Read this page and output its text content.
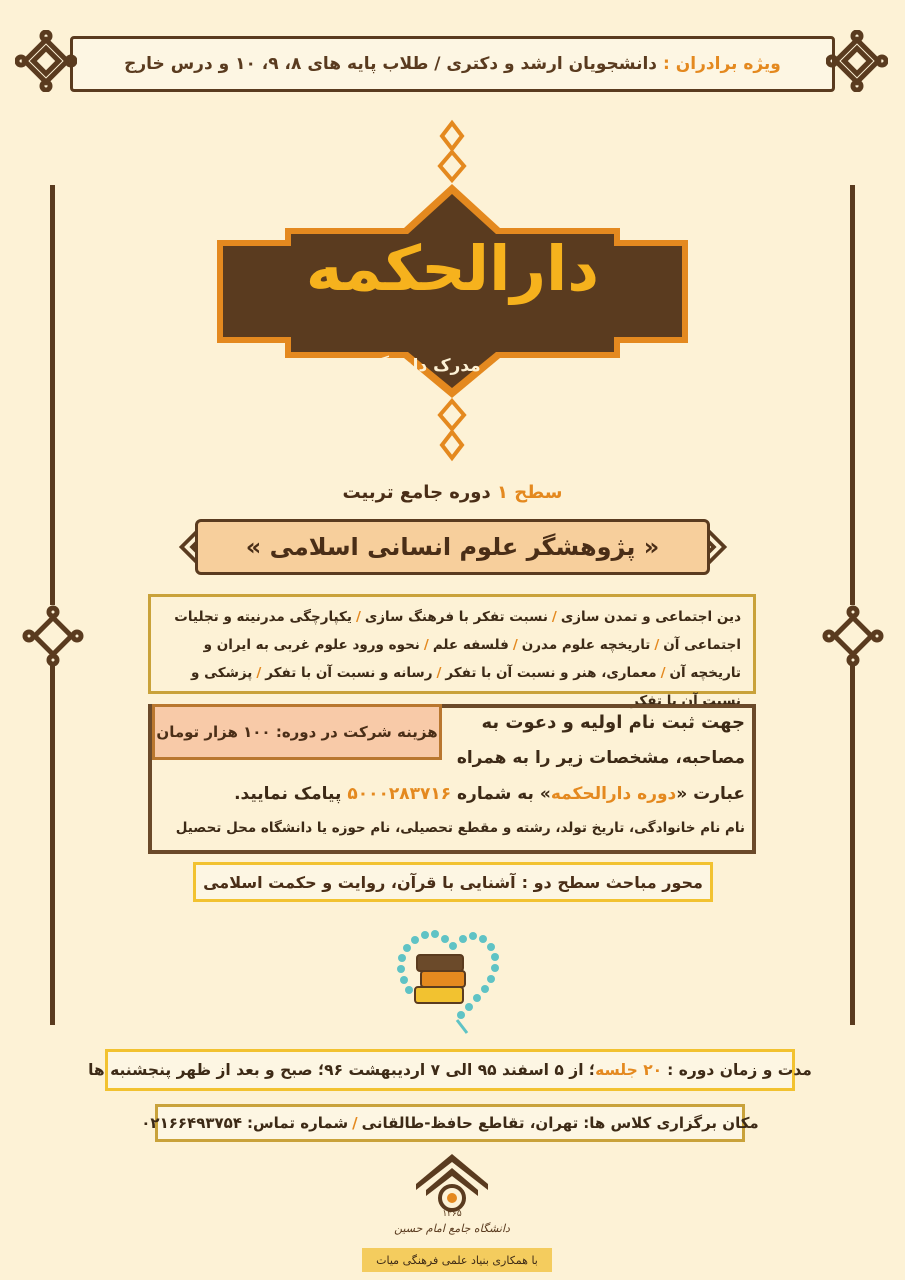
ویژه برادران :
دانشجویان ارشد و دکتری / طلاب پایه های ۸، ۹، ۱۰ و درس خارج
دارالحکمه
با اعطای مدرک دانشگاهی
سطح ۱ دوره جامع تربیت
« پژوهشگر علوم انسانی اسلامی »
دین اجتماعی و تمدن سازی/نسبت تفکر با فرهنگ سازی/یکپارچگی مدرنیته و تجلیات اجتماعی آن/تاریخچه علوم مدرن/فلسفه علم/نحوه ورود علوم غربی به ایران و تاریخچه آن/معماری، هنر و نسبت آن با تفکر/رسانه و نسبت آن با تفکر/پزشکی و نسبت آن با تفکر
هزینه شرکت در دوره: ۱۰۰ هزار تومان	جهت ثبت نام اولیه و دعوت به
مصاحبه، مشخصات زیر را به همراه
عبارت «دوره دارالحکمه» به شماره ۵۰۰۰۲۸۳۷۱۶ پیامک نمایید.
نام نام خانوادگی، تاریخ تولد، رشته و مقطع تحصیلی، نام حوزه یا دانشگاه محل تحصیل
محور مباحث سطح دو :
آشنایی با قرآن، روایت و حکمت اسلامی
مدت و زمان دوره :
۲۰ جلسه
؛ از ۵ اسفند ۹۵ الی ۷ اردیبهشت ۹۶؛ صبح و بعد از ظهر پنجشنبه ها
مکان برگزاری کلاس ها:
تهران، تقاطع حافظ-طالقانی
/
شماره تماس:
۰۲۱۶۶۴۹۳۷۵۴
۱۳۶۵
دانشگاه جامع امام حسین
با همکاری بنیاد علمی فرهنگی میات
